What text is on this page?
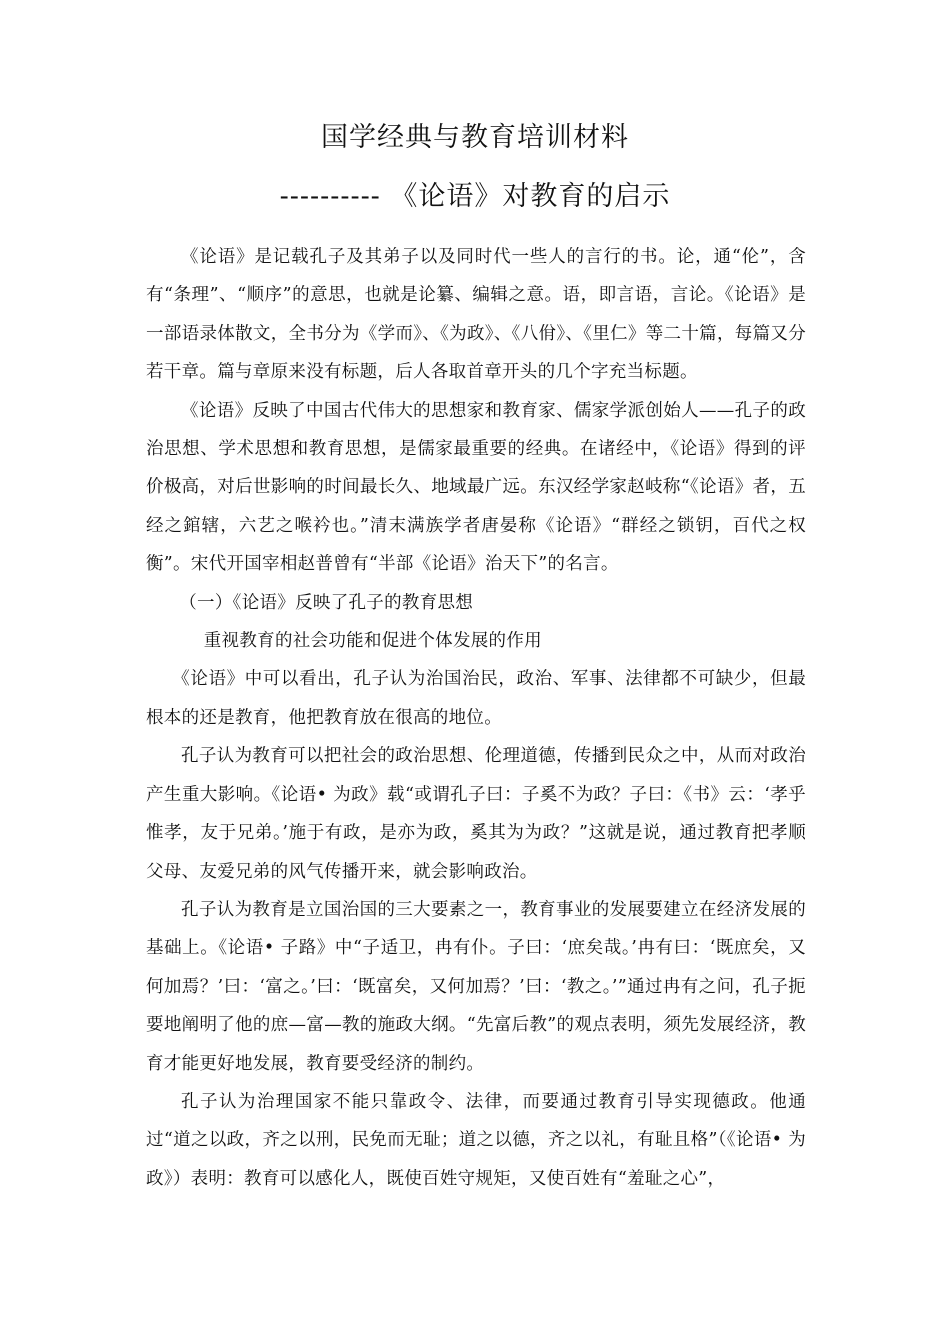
国学经典与教育培训材料
---------- 《论语》对教育的启示

《论语》是记载孔子及其弟子以及同时代一些人的言行的书。论，通“伦”，含有“条理”、“顺序”的意思，也就是论纂、编辑之意。语，即言语，言论。《论语》是一部语录体散文，全书分为《学而》、《为政》、《八佾》、《里仁》等二十篇，每篇又分若干章。篇与章原来没有标题，后人各取首章开头的几个字充当标题。

《论语》反映了中国古代伟大的思想家和教育家、儒家学派创始人——孔子的政治思想、学术思想和教育思想，是儒家最重要的经典。在诸经中，《论语》得到的评价极高，对后世影响的时间最长久、地域最广远。东汉经学家赵岐称“《论语》者，五经之錧辖，六艺之喉衿也。”清末满族学者唐晏称《论语》“群经之锁钥，百代之权衡”。宋代开国宰相赵普曾有“半部《论语》治天下”的名言。

（一）《论语》反映了孔子的教育思想

重视教育的社会功能和促进个体发展的作用

《论语》中可以看出，孔子认为治国治民，政治、军事、法律都不可缺少，但最根本的还是教育，他把教育放在很高的地位。

孔子认为教育可以把社会的政治思想、伦理道德，传播到民众之中，从而对政治产生重大影响。《论语• 为政》载“或谓孔子曰：子奚不为政？子曰：《书》云：‘孝乎惟孝，友于兄弟。’施于有政，是亦为政，奚其为为政？”这就是说，通过教育把孝顺父母、友爱兄弟的风气传播开来，就会影响政治。

孔子认为教育是立国治国的三大要素之一，教育事业的发展要建立在经济发展的基础上。《论语• 子路》中“子适卫，冉有仆。子曰：‘庶矣哉。’冉有曰：‘既庶矣，又何加焉？’曰：‘富之。’曰：‘既富矣，又何加焉？’曰：‘教之。’”通过冉有之问，孔子扼要地阐明了他的庶—富—教的施政大纲。“先富后教”的观点表明，须先发展经济，教育才能更好地发展，教育要受经济的制约。

孔子认为治理国家不能只靠政令、法律，而要通过教育引导实现德政。他通过“道之以政，齐之以刑，民免而无耻；道之以德，齐之以礼，有耻且格”（《论语• 为政》）表明：教育可以感化人，既使百姓守规矩，又使百姓有“羞耻之心”，
